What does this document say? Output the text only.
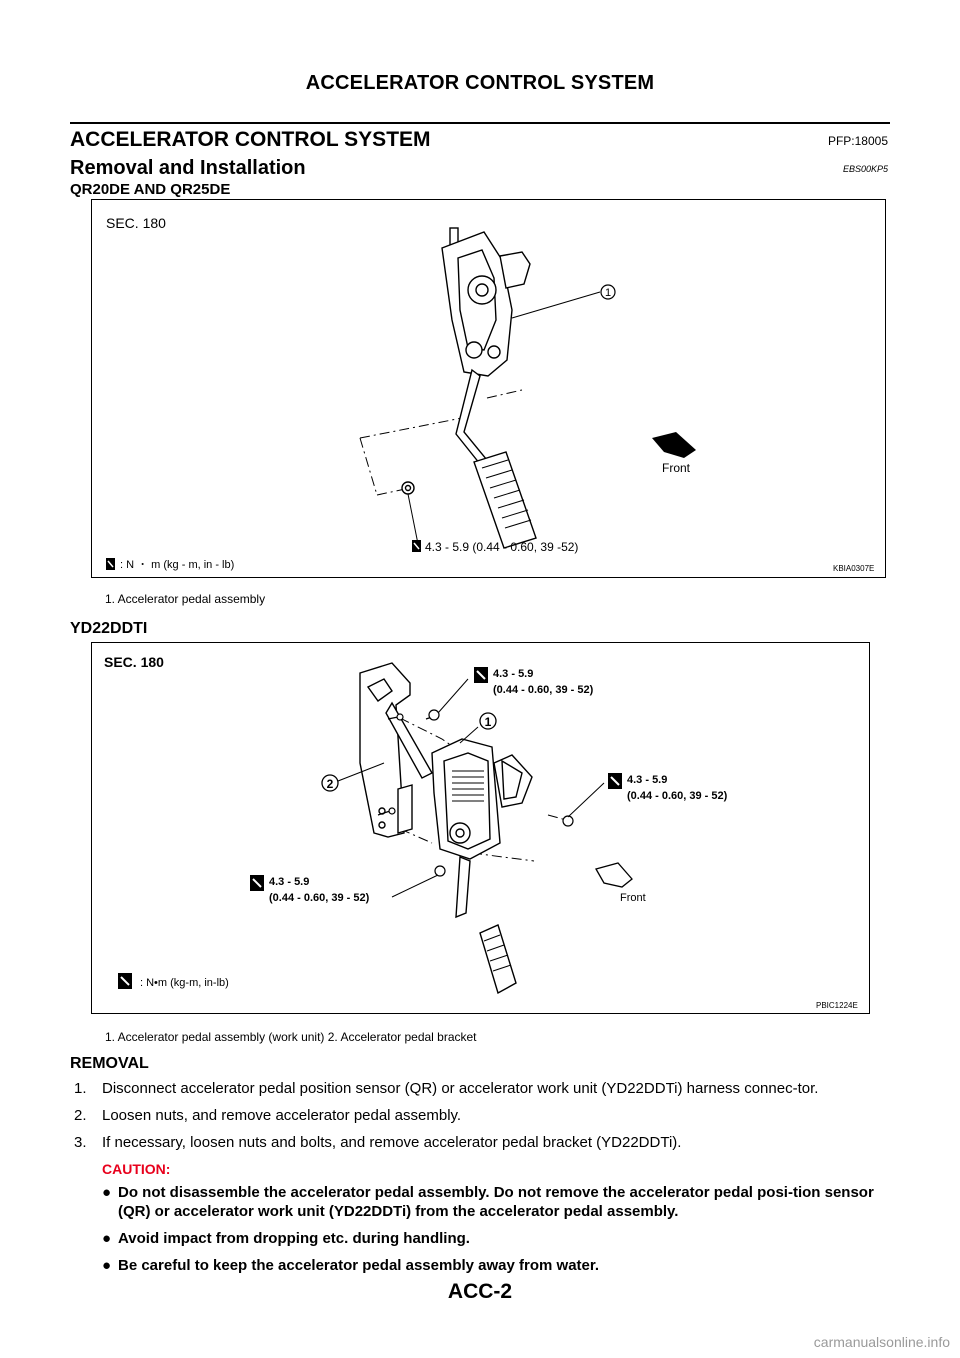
ACCELERATOR CONTROL SYSTEM
ACCELERATOR CONTROL SYSTEM	PFP:18005
Removal and Installation	EBS00KP5
QR20DE AND QR25DE
SEC. 180
1
Front
4.3 - 5.9 (0.44 - 0.60, 39 -52)
: N ・ m (kg - m, in - lb)	KBIA0307E
1. Accelerator pedal assembly
YD22DDTI
SEC. 180
1
2
4.3 - 5.9
(0.44 - 0.60, 39 - 52)
4.3 - 5.9
(0.44 - 0.60, 39 - 52)
4.3 - 5.9
(0.44 - 0.60, 39 - 52)	Front
: N•m (kg-m, in-lb)
PBIC1224E
1. Accelerator pedal assembly (work unit) 2. Accelerator pedal bracket
REMOVAL
1. Disconnect accelerator pedal position sensor (QR) or accelerator work unit (YD22DDTi) harness connec-tor.
2. Loosen nuts, and remove accelerator pedal assembly.
3. If necessary, loosen nuts and bolts, and remove accelerator pedal bracket (YD22DDTi).
CAUTION:
● Do not disassemble the accelerator pedal assembly. Do not remove the accelerator pedal posi-tion sensor (QR) or accelerator work unit (YD22DDTi) from the accelerator pedal assembly.
● Avoid impact from dropping etc. during handling.
● Be careful to keep the accelerator pedal assembly away from water.
ACC-2
carmanualsonline.info
